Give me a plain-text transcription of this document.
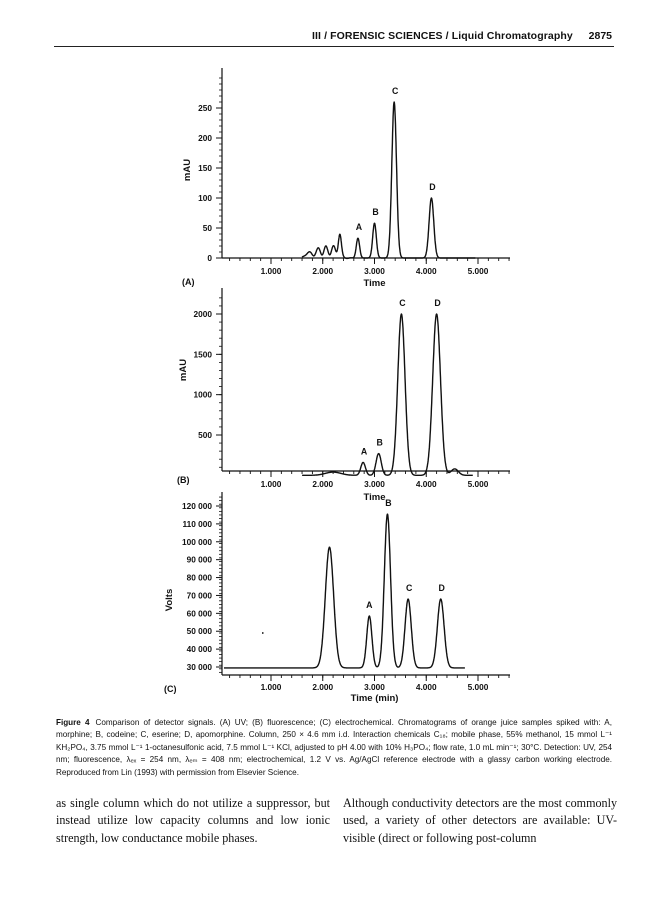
III / FORENSIC SCIENCES / Liquid Chromatography 2875
1.000	2.000	3.000	4.000	5.000
0
50
100
150
200
250
mAU
Time
(A)
A
B
C
D
1.000	2.000	3.000	4.000	5.000
500
1000
1500
2000
mAU
Time
(B)
A
B
C	D
1.000	2.000	3.000	4.000	5.000
30 000
40 000
50 000
60 000
70 000
80 000
90 000
100 000
110 000
120 000
Volts
Time (min)
(C)
A
B
C	D
Figure 4 Comparison of detector signals. (A) UV; (B) fluorescence; (C) electrochemical. Chromatograms of orange juice samples spiked with: A, morphine; B, codeine; C, eserine; D, apomorphine. Column, 250 × 4.6 mm i.d. Interaction chemicals C₁₈; mobile phase, 55% methanol, 15 mmol L⁻¹ KH₂PO₄, 3.75 mmol L⁻¹ 1-octanesulfonic acid, 7.5 mmol L⁻¹ KCl, adjusted to pH 4.00 with 10% H₃PO₄; flow rate, 1.0 mL min⁻¹; 30°C. Detection: UV, 254 nm; fluorescence, λₑₓ = 254 nm, λₑₘ = 408 nm; electrochemical, 1.2 V vs. Ag/AgCl reference electrode with a glassy carbon working electrode. Reproduced from Lin (1993) with permission from Elsevier Science.
as single column which do not utilize a suppressor, but instead utilize low capacity columns and low ionic strength, low conductance mobile phases.
Although conductivity detectors are the most commonly used, a variety of other detectors are available: UV-visible (direct or following post-column
